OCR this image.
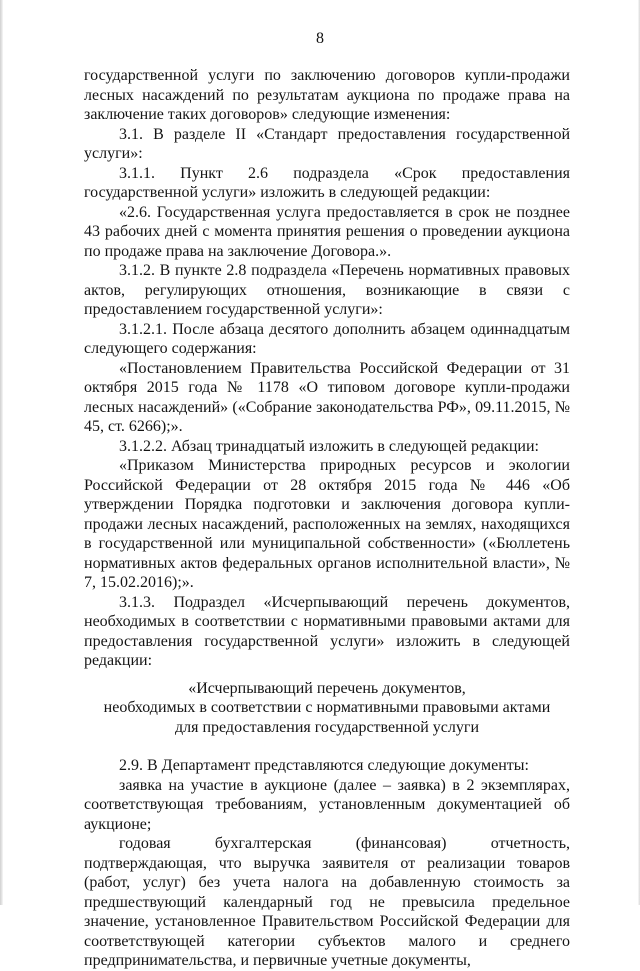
8

государственной услуги по заключению договоров купли-продажи лесных насаждений по результатам аукциона по продаже права на заключение таких договоров» следующие изменения:

3.1. В разделе II «Стандарт предоставления государственной услуги»:

3.1.1. Пункт 2.6 подраздела «Срок предоставления государственной услуги» изложить в следующей редакции:

«2.6. Государственная услуга предоставляется в срок не позднее 43 рабочих дней с момента принятия решения о проведении аукциона по продаже права на заключение Договора.».

3.1.2. В пункте 2.8 подраздела «Перечень нормативных правовых актов, регулирующих отношения, возникающие в связи с предоставлением государственной услуги»:

3.1.2.1. После абзаца десятого дополнить абзацем одиннадцатым следующего содержания:

«Постановлением Правительства Российской Федерации от 31 октября 2015 года № 1178 «О типовом договоре купли-продажи лесных насаждений» («Собрание законодательства РФ», 09.11.2015, № 45, ст. 6266);».

3.1.2.2. Абзац тринадцатый изложить в следующей редакции:

«Приказом Министерства природных ресурсов и экологии Российской Федерации от 28 октября 2015 года № 446 «Об утверждении Порядка подготовки и заключения договора купли-продажи лесных насаждений, расположенных на землях, находящихся в государственной или муниципальной собственности» («Бюллетень нормативных актов федеральных органов исполнительной власти», № 7, 15.02.2016);».

3.1.3. Подраздел «Исчерпывающий перечень документов, необходимых в соответствии с нормативными правовыми актами для предоставления государственной услуги» изложить в следующей редакции:

«Исчерпывающий перечень документов,

необходимых в соответствии с нормативными правовыми актами

для предоставления государственной услуги

2.9. В Департамент представляются следующие документы:

заявка на участие в аукционе (далее – заявка) в 2 экземплярах, соответствующая требованиям, установленным документацией об аукционе;

годовая бухгалтерская (финансовая) отчетность, подтверждающая, что выручка заявителя от реализации товаров (работ, услуг) без учета налога на добавленную стоимость за предшествующий календарный год не превысила предельное значение, установленное Правительством Российской Федерации для соответствующей категории субъектов малого и среднего предпринимательства, и первичные учетные документы,
